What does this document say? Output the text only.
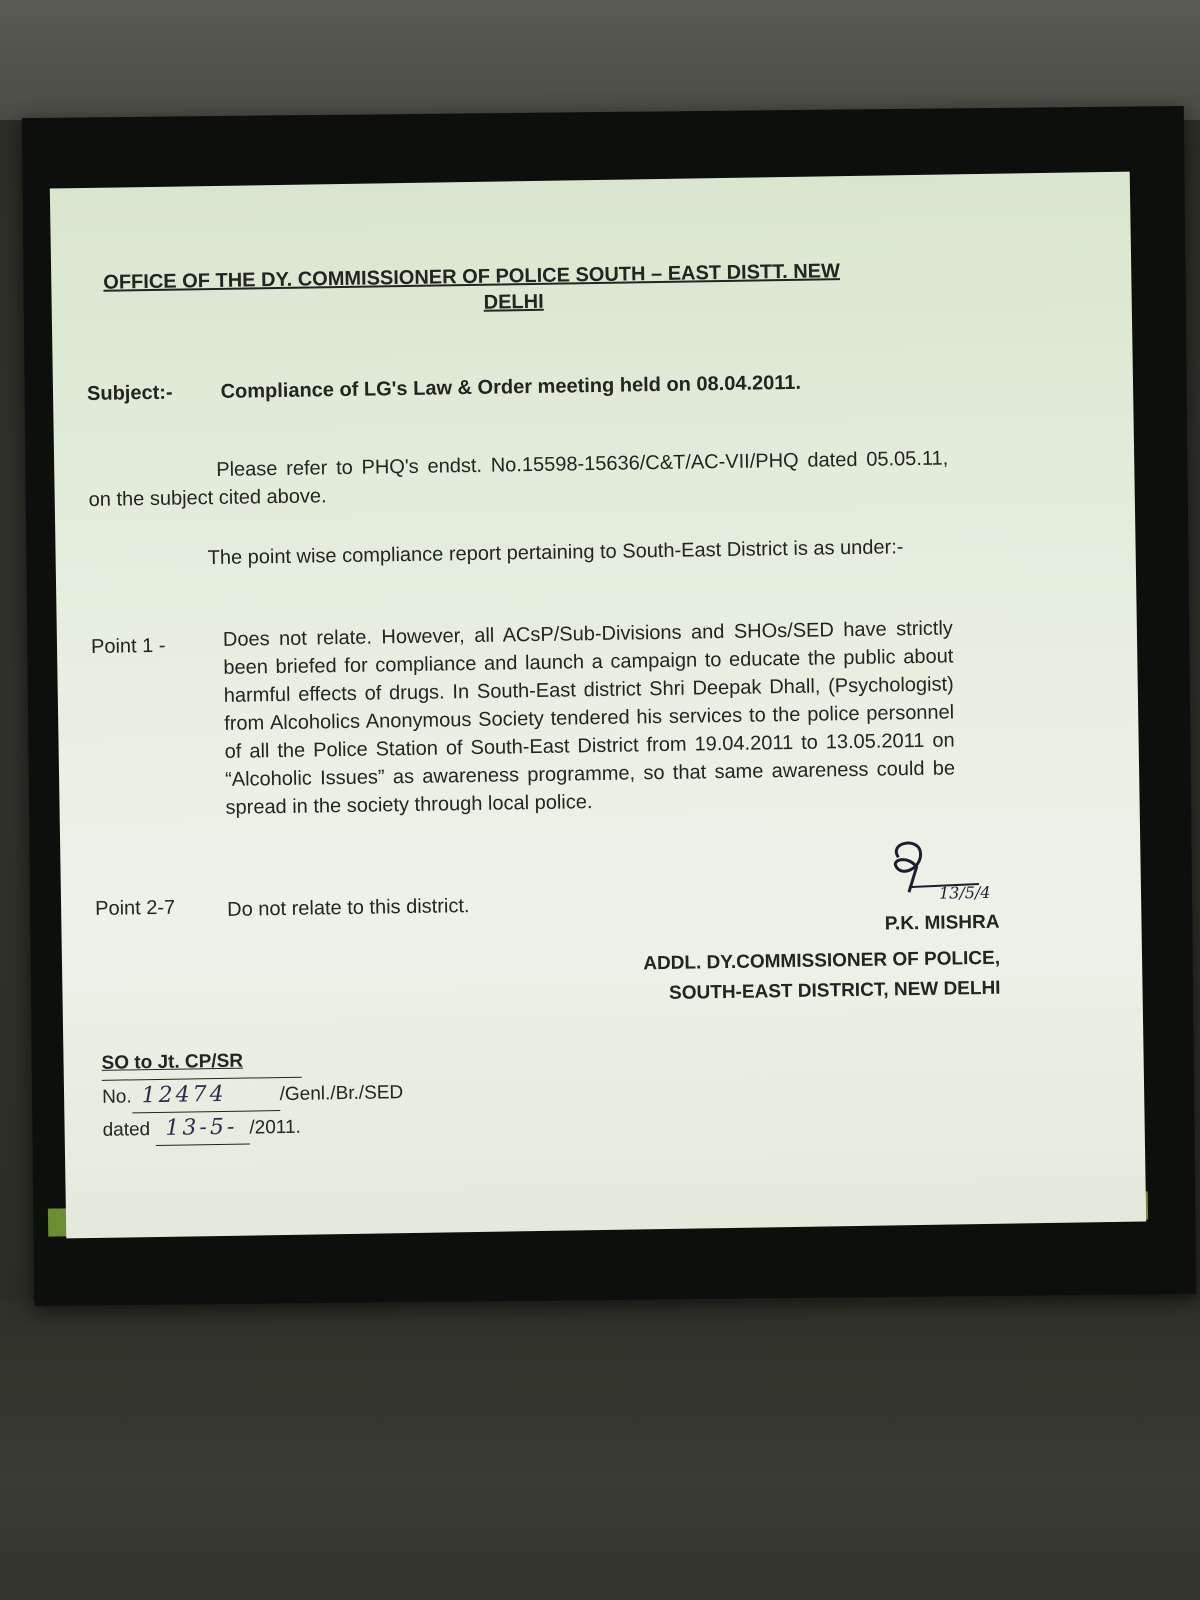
OFFICE OF THE DY. COMMISSIONER OF POLICE SOUTH – EAST DISTT. NEW
DELHI
Subject:- Compliance of LG's Law & Order meeting held on 08.04.2011.
Please refer to PHQ's endst. No.15598-15636/C&T/AC-VII/PHQ dated 05.05.11, on the subject cited above.
The point wise compliance report pertaining to South-East District is as under:-
Point 1 -	Does not relate. However, all ACsP/Sub-Divisions and SHOs/SED have strictly been briefed for compliance and launch a campaign to educate the public about harmful effects of drugs. In South-East district Shri Deepak Dhall, (Psychologist) from Alcoholics Anonymous Society tendered his services to the police personnel of all the Police Station of South-East District from 19.04.2011 to 13.05.2011 on “Alcoholic Issues” as awareness programme, so that same awareness could be spread in the society through local police.
Point 2-7	Do not relate to this district.
13/5/4
P.K. MISHRA
ADDL. DY.COMMISSIONER OF POLICE,
SOUTH-EAST DISTRICT, NEW DELHI
SO to Jt. CP/SR
No. 12474	/Genl./Br./SED
dated 13-5- /2011.
